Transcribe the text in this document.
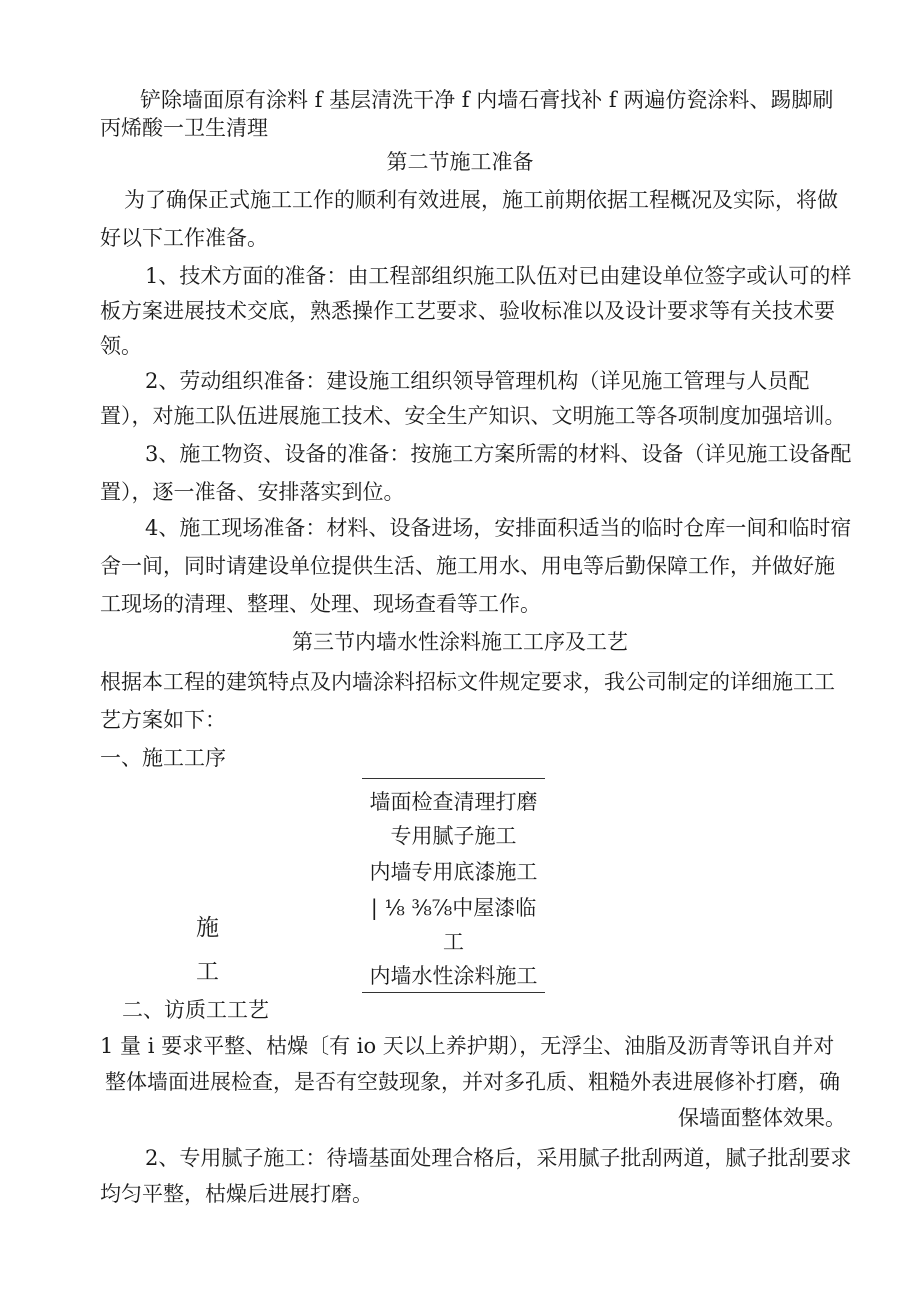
铲除墙面原有涂料 f 基层清洗干净 f 内墙石膏找补 f 两遍仿瓷涂料、踢脚刷
丙烯酸一卫生清理
第二节施工准备
为了确保正式施工工作的顺利有效进展，施工前期依据工程概况及实际，将做
好以下工作准备。
1、技术方面的准备：由工程部组织施工队伍对已由建设单位签字或认可的样
板方案进展技术交底，熟悉操作工艺要求、验收标准以及设计要求等有关技术要
领。
2、劳动组织准备：建设施工组织领导管理机构（详见施工管理与人员配
置），对施工队伍进展施工技术、安全生产知识、文明施工等各项制度加强培训。
3、施工物资、设备的准备：按施工方案所需的材料、设备（详见施工设备配
置），逐一准备、安排落实到位。
4、施工现场准备：材料、设备进场，安排面积适当的临时仓库一间和临时宿
舍一间，同时请建设单位提供生活、施工用水、用电等后勤保障工作，并做好施
工现场的清理、整理、处理、现场查看等工作。
第三节内墙水性涂料施工工序及工艺
根据本工程的建筑特点及内墙涂料招标文件规定要求，我公司制定的详细施工工
艺方案如下：
一、施工工序
墙面检查清理打磨
专用腻子施工
内墙专用底漆施工
| ⅛ ⅜⅞中屋漆临
工
内墙水性涂料施工
施
工
二、访质工工艺
1 量 i 要求平整、枯燥〔有 io 天以上养护期），无浮尘、油脂及沥青等讯自并对
整体墙面进展检查，是否有空鼓现象，并对多孔质、粗糙外表进展修补打磨，确
保墙面整体效果。
2、专用腻子施工：待墙基面处理合格后，采用腻子批刮两道，腻子批刮要求
均匀平整，枯燥后进展打磨。
